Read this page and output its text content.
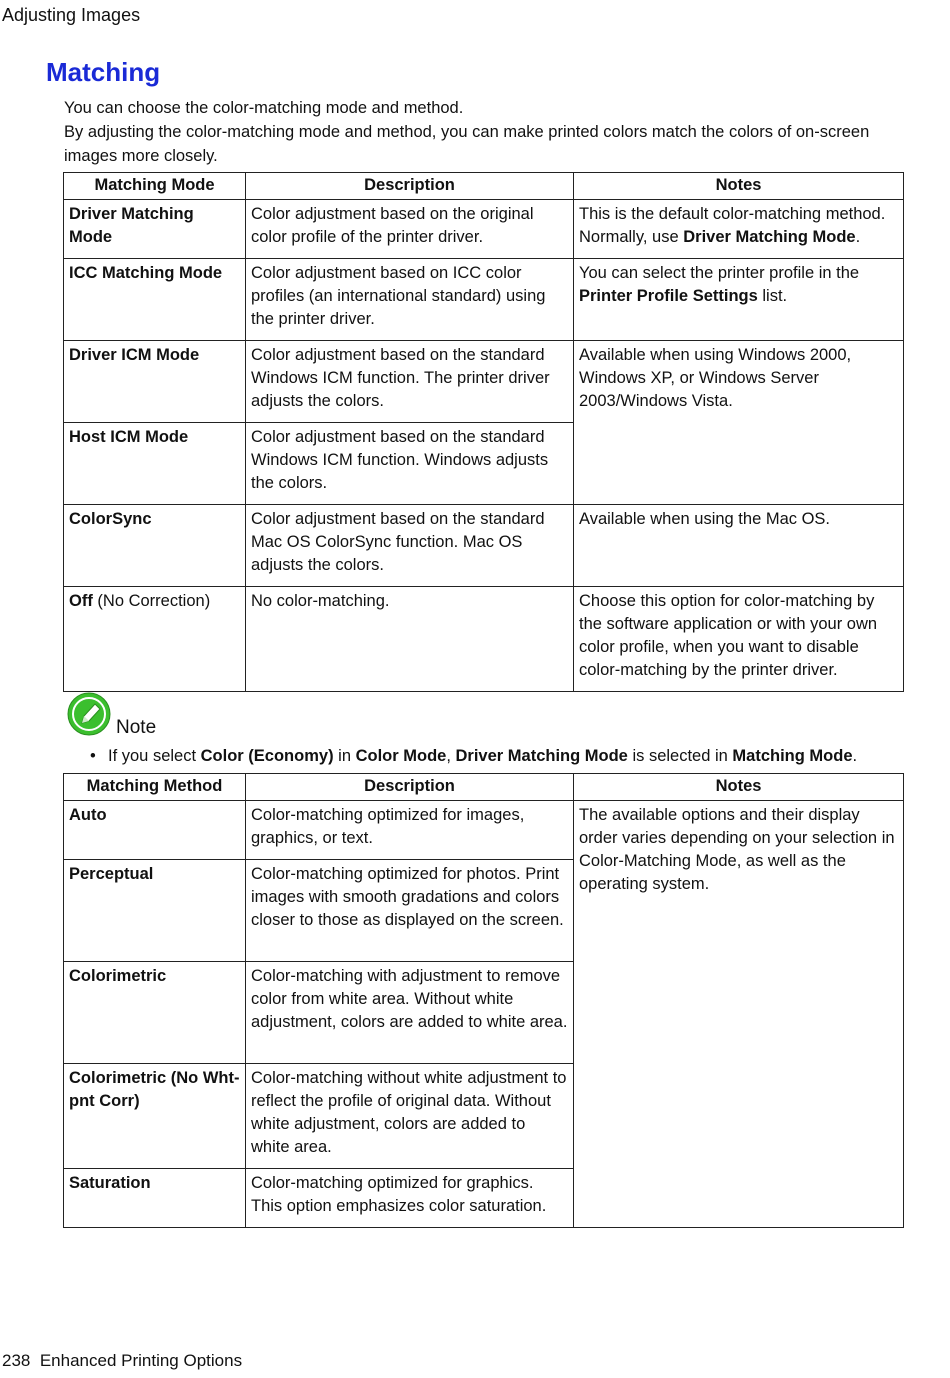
Adjusting Images
Matching

You can choose the color-matching mode and method.

By adjusting the color-matching mode and method, you can make printed colors match the colors of on-screen images more closely.

Matching Mode	Description	Notes
Driver Matching Mode	Color adjustment based on the original color profile of the printer driver.	This is the default color-matching method. Normally, use Driver Matching Mode.
ICC Matching Mode	Color adjustment based on ICC color profiles (an international standard) using the printer driver.	You can select the printer profile in the Printer Profile Settings list.
Driver ICM Mode	Color adjustment based on the standard Windows ICM function. The printer driver adjusts the colors.	Available when using Windows 2000, Windows XP, or Windows Server 2003/Windows Vista.
Host ICM Mode	Color adjustment based on the standard Windows ICM function. Windows adjusts the colors.	
ColorSync	Color adjustment based on the standard Mac OS ColorSync function. Mac OS adjusts the colors.	Available when using the Mac OS.
Off (No Correction)	No color-matching.	Choose this option for color-matching by the software application or with your own color profile, when you want to disable color-matching by the printer driver.
Note
• If you select Color (Economy) in Color Mode, Driver Matching Mode is selected in Matching Mode.
Matching Method	Description	Notes
Auto	Color-matching optimized for images, graphics, or text.	The available options and their display order varies depending on your selection in Color-Matching Mode, as well as the operating system.
Perceptual	Color-matching optimized for photos. Print images with smooth gradations and colors closer to those as displayed on the screen.	
Colorimetric	Color-matching with adjustment to remove color from white area. Without white adjustment, colors are added to white area.	
Colorimetric (No Wht-pnt Corr)	Color-matching without white adjustment to reflect the profile of original data. Without white adjustment, colors are added to white area.	
Saturation	Color-matching optimized for graphics. This option emphasizes color saturation.	
238 Enhanced Printing Options
